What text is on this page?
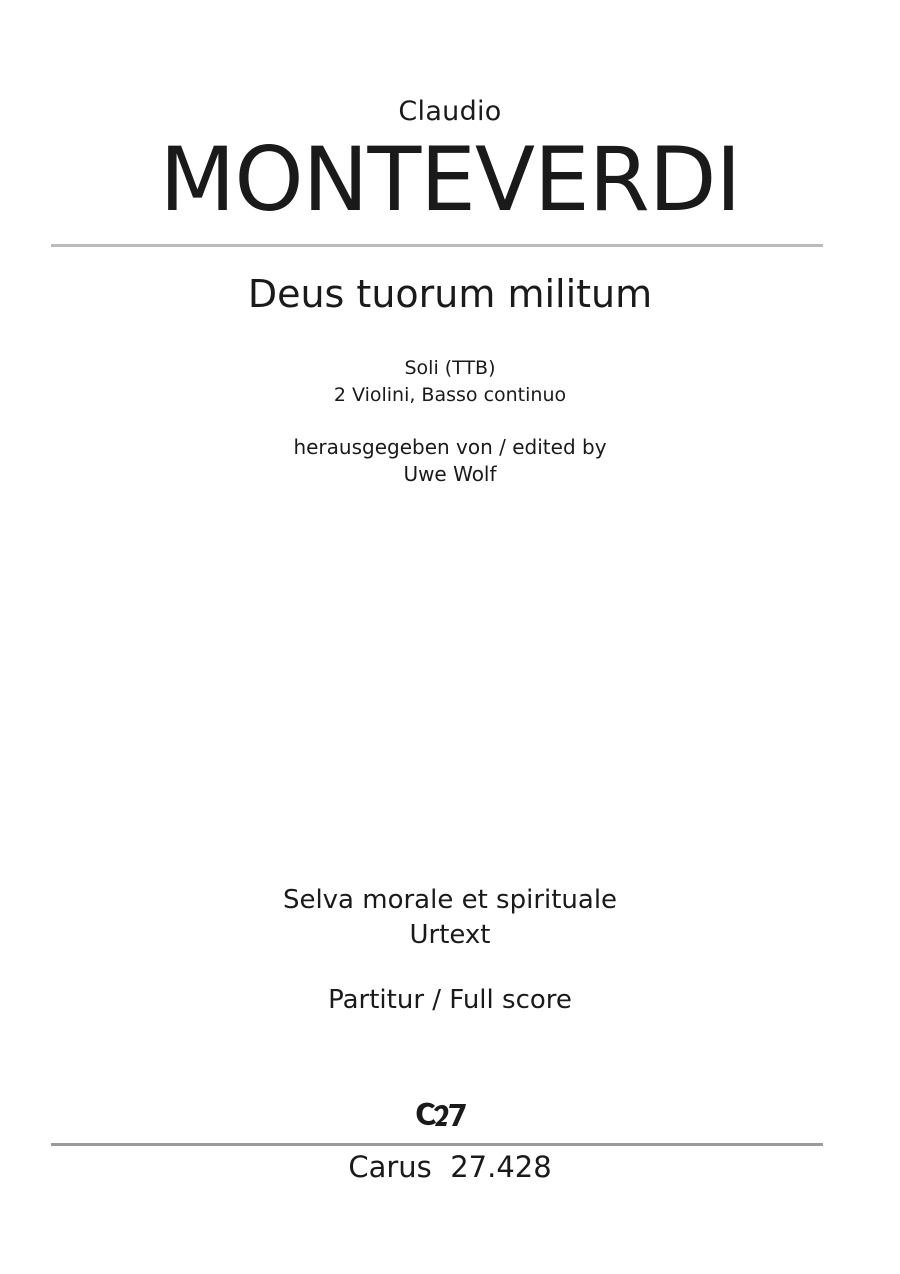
Claudio
MONTEVERDI
Deus tuorum militum
Soli (TTB)
2 Violini, Basso continuo
herausgegeben von / edited by
Uwe Wolf
Selva morale et spirituale
Urtext
Partitur / Full score
Carus  27.428
